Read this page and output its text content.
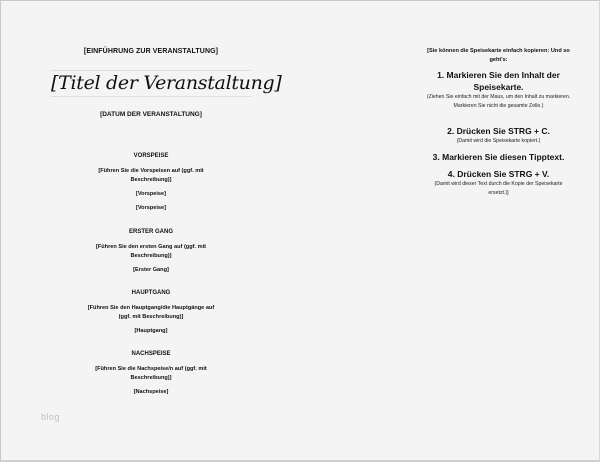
[EINFÜHRUNG ZUR VERANSTALTUNG]
[Titel der Veranstaltung]
[DATUM DER VERANSTALTUNG]
VORSPEISE
[Führen Sie die Vorspeisen auf (ggf. mit Beschreibung)]
[Vorspeise]
[Vorspeise]
ERSTER GANG
[Führen Sie den ersten Gang auf (ggf. mit Beschreibung)]
[Erster Gang]
HAUPTGANG
[Führen Sie den Hauptgang/die Hauptgänge auf (ggf. mit Beschreibung)]
[Hauptgang]
NACHSPEISE
[Führen Sie die Nachspeise/n auf (ggf. mit Beschreibung)]
[Nachspeise]
[Sie können die Speisekarte einfach kopieren: Und so geht's:
1. Markieren Sie den Inhalt der Speisekarte.
(Ziehen Sie einfach mit der Maus, um den Inhalt zu markieren. Markieren Sie nicht die gesamte Zelle.)
2. Drücken Sie STRG + C.
(Damit wird die Speisekarte kopiert.)
3. Markieren Sie diesen Tipptext.
4. Drücken Sie STRG + V.
(Damit wird dieser Text durch die Kopie der Speisekarte ersetzt.)]
blog
